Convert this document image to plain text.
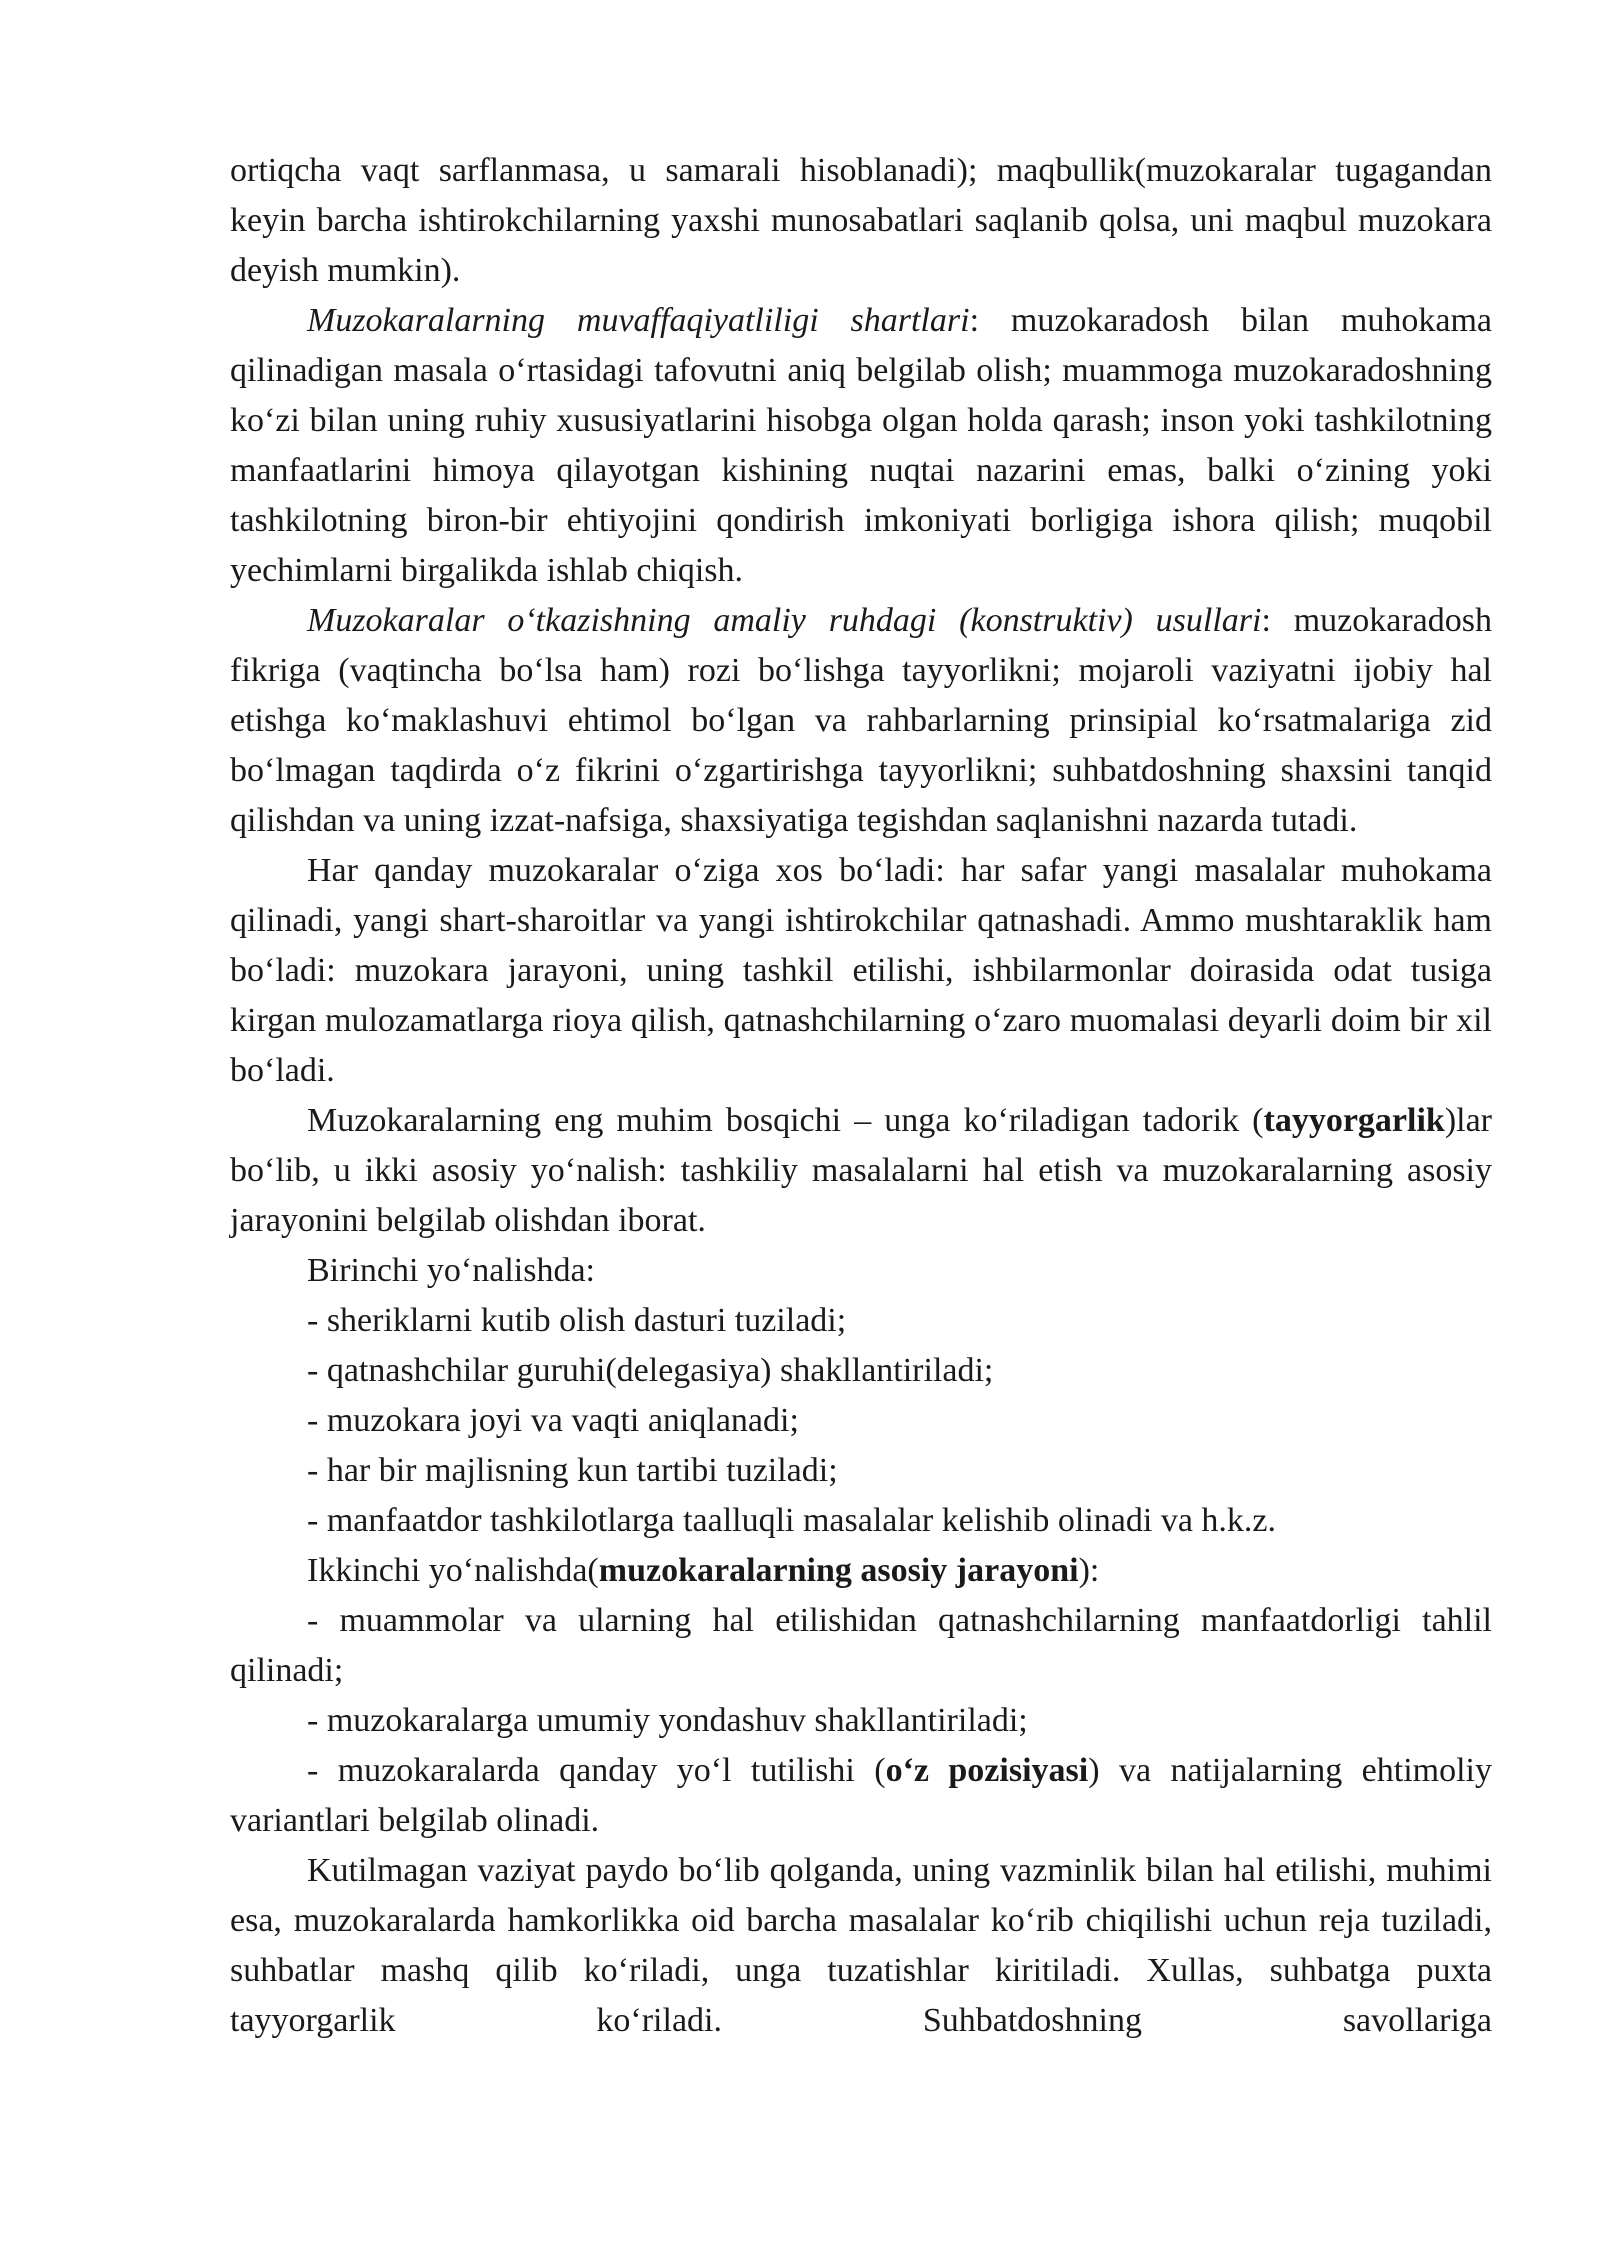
ortiqcha vaqt sarflanmasa, u samarali hisoblanadi); maqbullik(muzokaralar tugagandan keyin barcha ishtirokchilarning yaxshi munosabatlari saqlanib qolsa, uni maqbul muzokara deyish mumkin).

Muzokaralarning muvaffaqiyatliligi shartlari: muzokaradosh bilan muhokama qilinadigan masala o‘rtasidagi tafovutni aniq belgilab olish; muammoga muzokaradoshning ko‘zi bilan uning ruhiy xususiyatlarini hisobga olgan holda qarash; inson yoki tashkilotning manfaatlarini himoya qilayotgan kishining nuqtai nazarini emas, balki o‘zining yoki tashkilotning biron-bir ehtiyojini qondirish imkoniyati borligiga ishora qilish; muqobil yechimlarni birgalikda ishlab chiqish.

Muzokaralar o‘tkazishning amaliy ruhdagi (konstruktiv) usullari: muzokaradosh fikriga (vaqtincha bo‘lsa ham) rozi bo‘lishga tayyorlikni; mojaroli vaziyatni ijobiy hal etishga ko‘maklashuvi ehtimol bo‘lgan va rahbarlarning prinsipial ko‘rsatmalariga zid bo‘lmagan taqdirda o‘z fikrini o‘zgartirishga tayyorlikni; suhbatdoshning shaxsini tanqid qilishdan va uning izzat-nafsiga, shaxsiyatiga tegishdan saqlanishni nazarda tutadi.

Har qanday muzokaralar o‘ziga xos bo‘ladi: har safar yangi masalalar muhokama qilinadi, yangi shart-sharoitlar va yangi ishtirokchilar qatnashadi. Ammo mushtaraklik ham bo‘ladi: muzokara jarayoni, uning tashkil etilishi, ishbilarmonlar doirasida odat tusiga kirgan mulozamatlarga rioya qilish, qatnashchilarning o‘zaro muomalasi deyarli doim bir xil bo‘ladi.

Muzokaralarning eng muhim bosqichi – unga ko‘riladigan tadorik (tayyorgarlik)lar bo‘lib, u ikki asosiy yo‘nalish: tashkiliy masalalarni hal etish va muzokaralarning asosiy jarayonini belgilab olishdan iborat.

Birinchi yo‘nalishda:

- sheriklarni kutib olish dasturi tuziladi;

- qatnashchilar guruhi(delegasiya) shakllantiriladi;

- muzokara joyi va vaqti aniqlanadi;

- har bir majlisning kun tartibi tuziladi;

- manfaatdor tashkilotlarga taalluqli masalalar kelishib olinadi va h.k.z.

Ikkinchi yo‘nalishda(muzokaralarning asosiy jarayoni):

- muammolar va ularning hal etilishidan qatnashchilarning manfaatdorligi tahlil qilinadi;

- muzokaralarga umumiy yondashuv shakllantiriladi;

- muzokaralarda qanday yo‘l tutilishi (o‘z pozisiyasi) va natijalarning ehtimoliy variantlari belgilab olinadi.

Kutilmagan vaziyat paydo bo‘lib qolganda, uning vazminlik bilan hal etilishi, muhimi esa, muzokaralarda hamkorlikka oid barcha masalalar ko‘rib chiqilishi uchun reja tuziladi, suhbatlar mashq qilib ko‘riladi, unga tuzatishlar kiritiladi. Xullas, suhbatga puxta tayyorgarlik ko‘riladi. Suhbatdoshning savollariga
